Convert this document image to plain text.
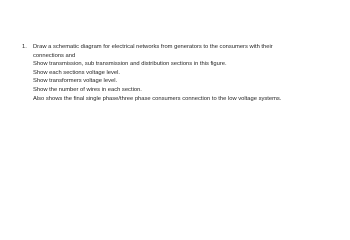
1.	Draw a schematic diagram for electrical networks from generators to the consumers with their
connections and
Show transmission, sub transmission and distribution sections in this figure.
Show each sections voltage level.
Show transformers voltage level.
Show the number of wires in each section.
Also shows the final single phase/three phase consumers connection to the low voltage systems.
